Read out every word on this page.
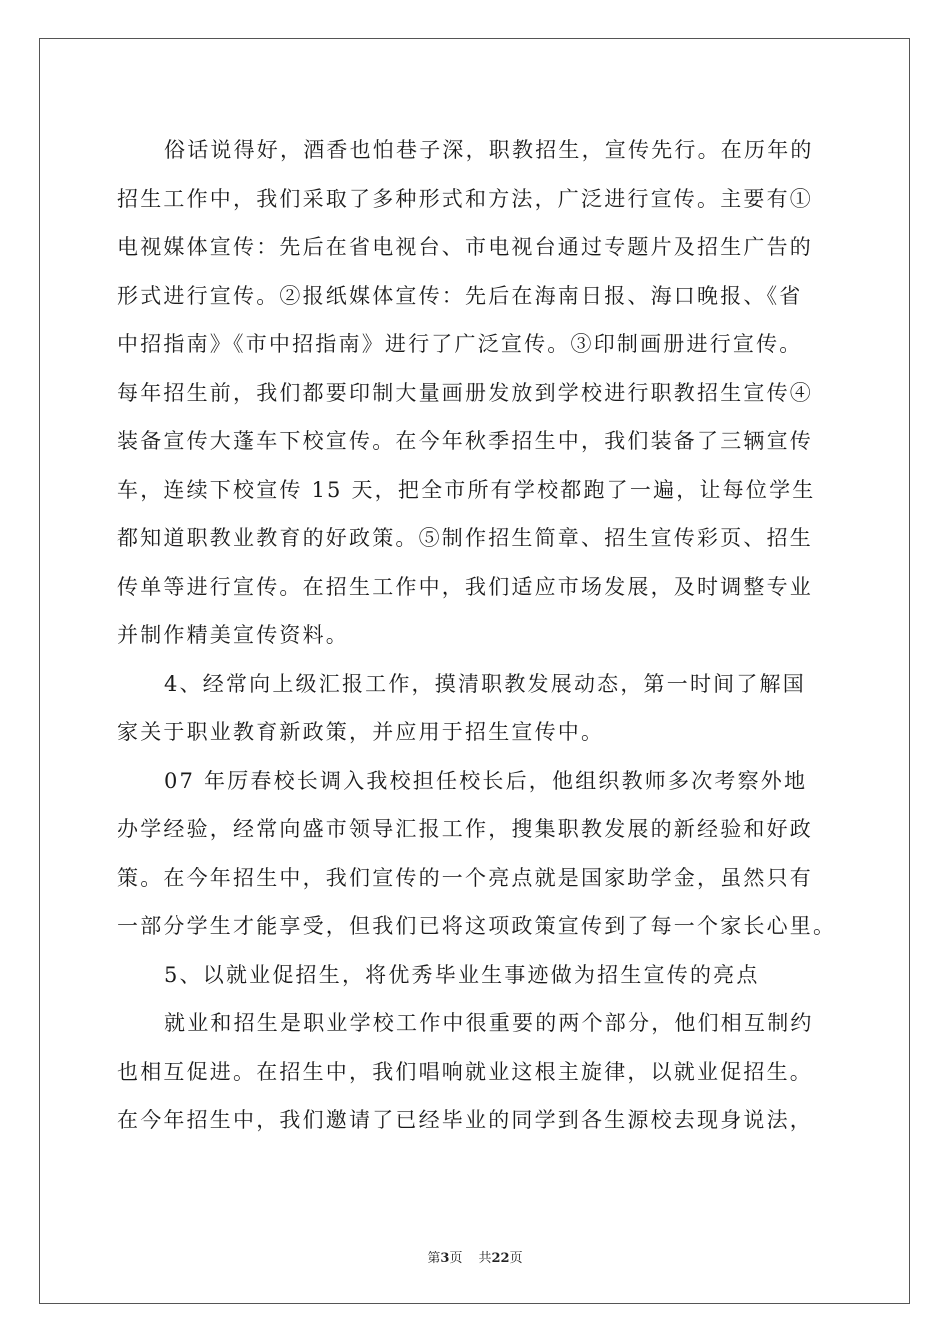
俗话说得好，酒香也怕巷子深，职教招生，宣传先行。在历年的
招生工作中，我们采取了多种形式和方法，广泛进行宣传。主要有①
电视媒体宣传：先后在省电视台、市电视台通过专题片及招生广告的
形式进行宣传。②报纸媒体宣传：先后在海南日报、海口晚报、《省
中招指南》《市中招指南》进行了广泛宣传。③印制画册进行宣传。
每年招生前，我们都要印制大量画册发放到学校进行职教招生宣传④
装备宣传大蓬车下校宣传。在今年秋季招生中，我们装备了三辆宣传
车，连续下校宣传 15 天，把全市所有学校都跑了一遍，让每位学生
都知道职教业教育的好政策。⑤制作招生简章、招生宣传彩页、招生
传单等进行宣传。在招生工作中，我们适应市场发展，及时调整专业
并制作精美宣传资料。
4、经常向上级汇报工作，摸清职教发展动态，第一时间了解国
家关于职业教育新政策，并应用于招生宣传中。
07 年厉春校长调入我校担任校长后，他组织教师多次考察外地
办学经验，经常向盛市领导汇报工作，搜集职教发展的新经验和好政
策。在今年招生中，我们宣传的一个亮点就是国家助学金，虽然只有
一部分学生才能享受，但我们已将这项政策宣传到了每一个家长心里。
5、以就业促招生，将优秀毕业生事迹做为招生宣传的亮点
就业和招生是职业学校工作中很重要的两个部分，他们相互制约
也相互促进。在招生中，我们唱响就业这根主旋律，以就业促招生。
在今年招生中，我们邀请了已经毕业的同学到各生源校去现身说法，
第3页 共22页
